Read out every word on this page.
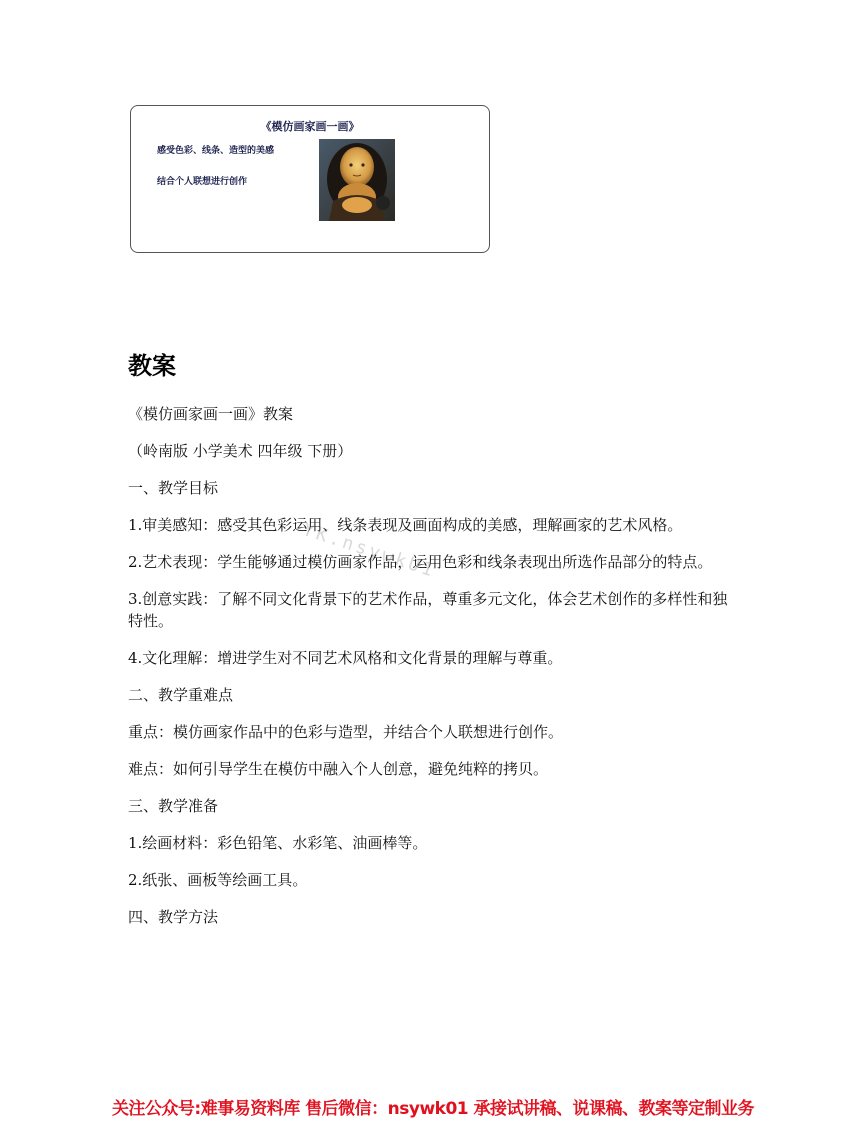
《模仿画家画一画》
感受色彩、线条、造型的美感
结合个人联想进行创作
教案

《模仿画家画一画》教案

（岭南版 小学美术 四年级 下册）

一、教学目标

1.审美感知：感受其色彩运用、线条表现及画面构成的美感，理解画家的艺术风格。

2.艺术表现：学生能够通过模仿画家作品，运用色彩和线条表现出所选作品部分的特点。

3.创意实践：了解不同文化背景下的艺术作品，尊重多元文化，体会艺术创作的多样性和独特性。

4.文化理解：增进学生对不同艺术风格和文化背景的理解与尊重。

二、教学重难点

重点：模仿画家作品中的色彩与造型，并结合个人联想进行创作。

难点：如何引导学生在模仿中融入个人创意，避免纯粹的拷贝。

三、教学准备

1.绘画材料：彩色铅笔、水彩笔、油画棒等。

2.纸张、画板等绘画工具。

四、教学方法

YK.nsywkU1
关注公众号:难事易资料库 售后微信：nsywk01 承接试讲稿、说课稿、教案等定制业务
